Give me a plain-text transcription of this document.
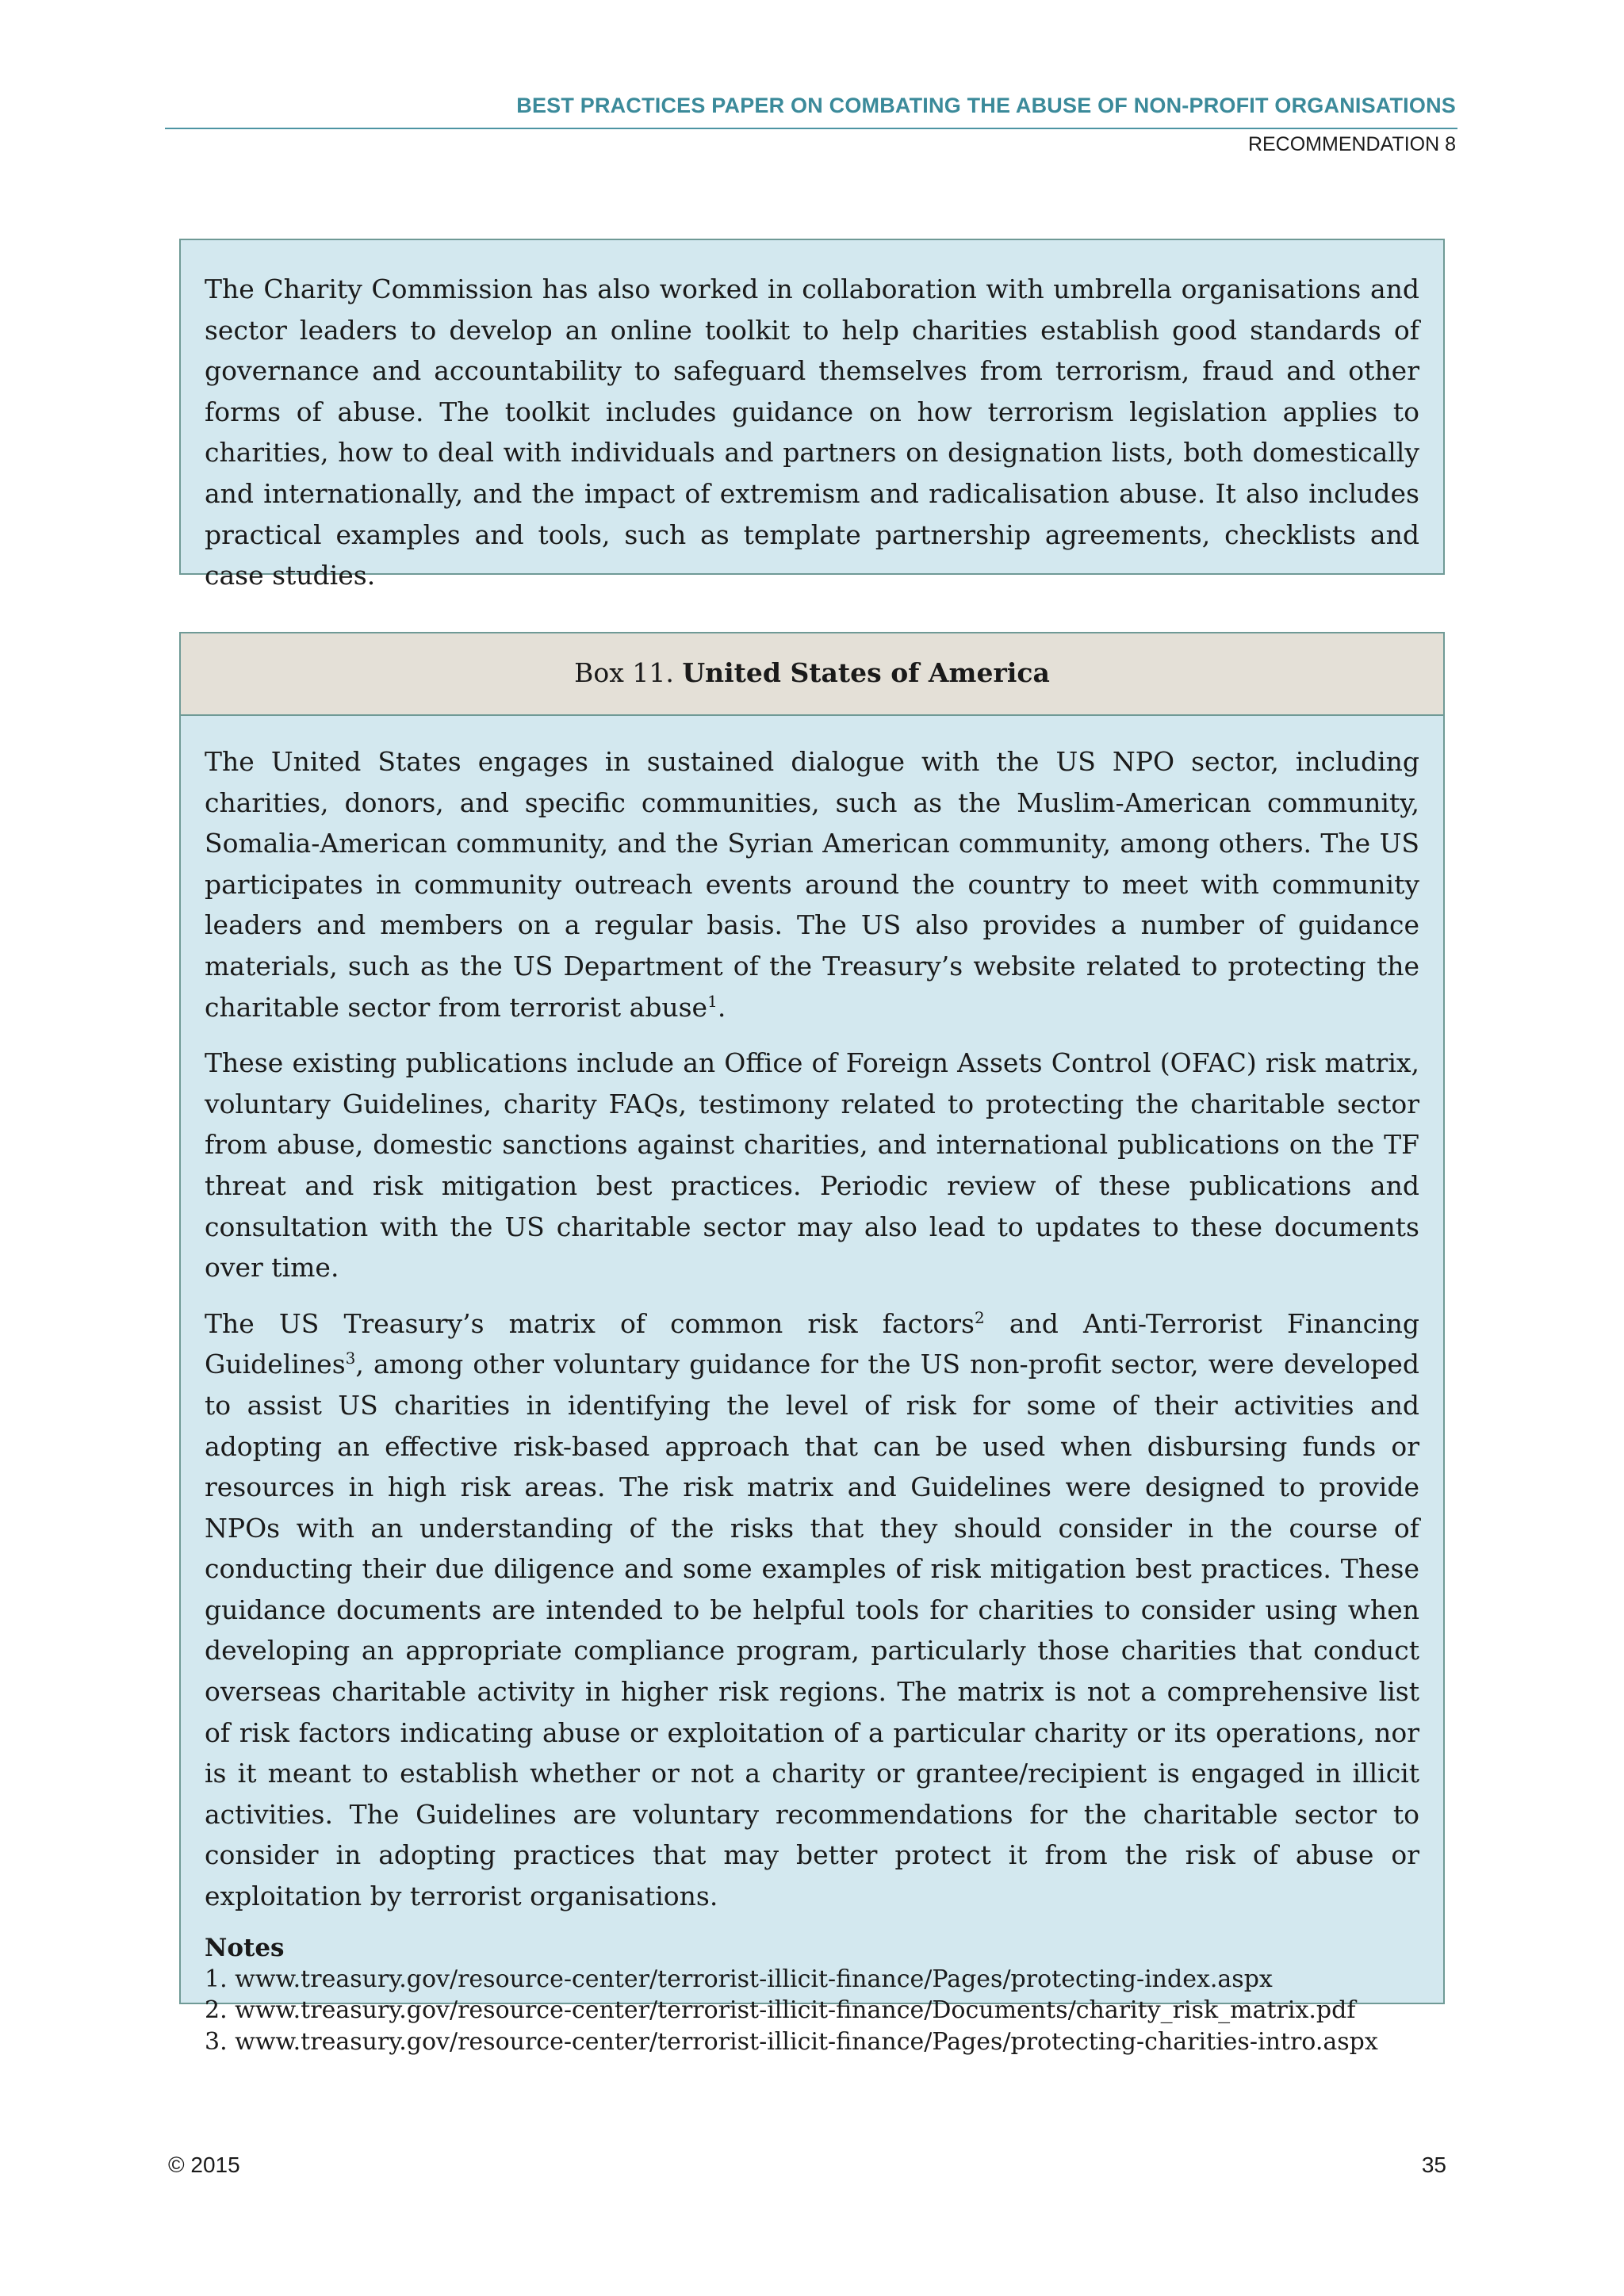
BEST PRACTICES PAPER ON COMBATING THE ABUSE OF NON-PROFIT ORGANISATIONS
RECOMMENDATION 8

The Charity Commission has also worked in collaboration with umbrella organisations and sector leaders to develop an online toolkit to help charities establish good standards of governance and accountability to safeguard themselves from terrorism, fraud and other forms of abuse. The toolkit includes guidance on how terrorism legislation applies to charities, how to deal with individuals and partners on designation lists, both domestically and internationally, and the impact of extremism and radicalisation abuse. It also includes practical examples and tools, such as template partnership agreements, checklists and case studies.

Box 11. United States of America

The United States engages in sustained dialogue with the US NPO sector, including charities, donors, and specific communities, such as the Muslim-American community, Somalia-American community, and the Syrian American community, among others. The US participates in community outreach events around the country to meet with community leaders and members on a regular basis. The US also provides a number of guidance materials, such as the US Department of the Treasury’s website related to protecting the charitable sector from terrorist abuse$^1$.

These existing publications include an Office of Foreign Assets Control (OFAC) risk matrix, voluntary Guidelines, charity FAQs, testimony related to protecting the charitable sector from abuse, domestic sanctions against charities, and international publications on the TF threat and risk mitigation best practices. Periodic review of these publications and consultation with the US charitable sector may also lead to updates to these documents over time.

The US Treasury’s matrix of common risk factors$^2$ and Anti-Terrorist Financing Guidelines$^3$, among other voluntary guidance for the US non-profit sector, were developed to assist US charities in identifying the level of risk for some of their activities and adopting an effective risk-based approach that can be used when disbursing funds or resources in high risk areas. The risk matrix and Guidelines were designed to provide NPOs with an understanding of the risks that they should consider in the course of conducting their due diligence and some examples of risk mitigation best practices. These guidance documents are intended to be helpful tools for charities to consider using when developing an appropriate compliance program, particularly those charities that conduct overseas charitable activity in higher risk regions. The matrix is not a comprehensive list of risk factors indicating abuse or exploitation of a particular charity or its operations, nor is it meant to establish whether or not a charity or grantee/recipient is engaged in illicit activities. The Guidelines are voluntary recommendations for the charitable sector to consider in adopting practices that may better protect it from the risk of abuse or exploitation by terrorist organisations.

Notes
1. www.treasury.gov/resource-center/terrorist-illicit-finance/Pages/protecting-index.aspx
2. www.treasury.gov/resource-center/terrorist-illicit-finance/Documents/charity_risk_matrix.pdf
3. www.treasury.gov/resource-center/terrorist-illicit-finance/Pages/protecting-charities-intro.aspx
© 2015	35
